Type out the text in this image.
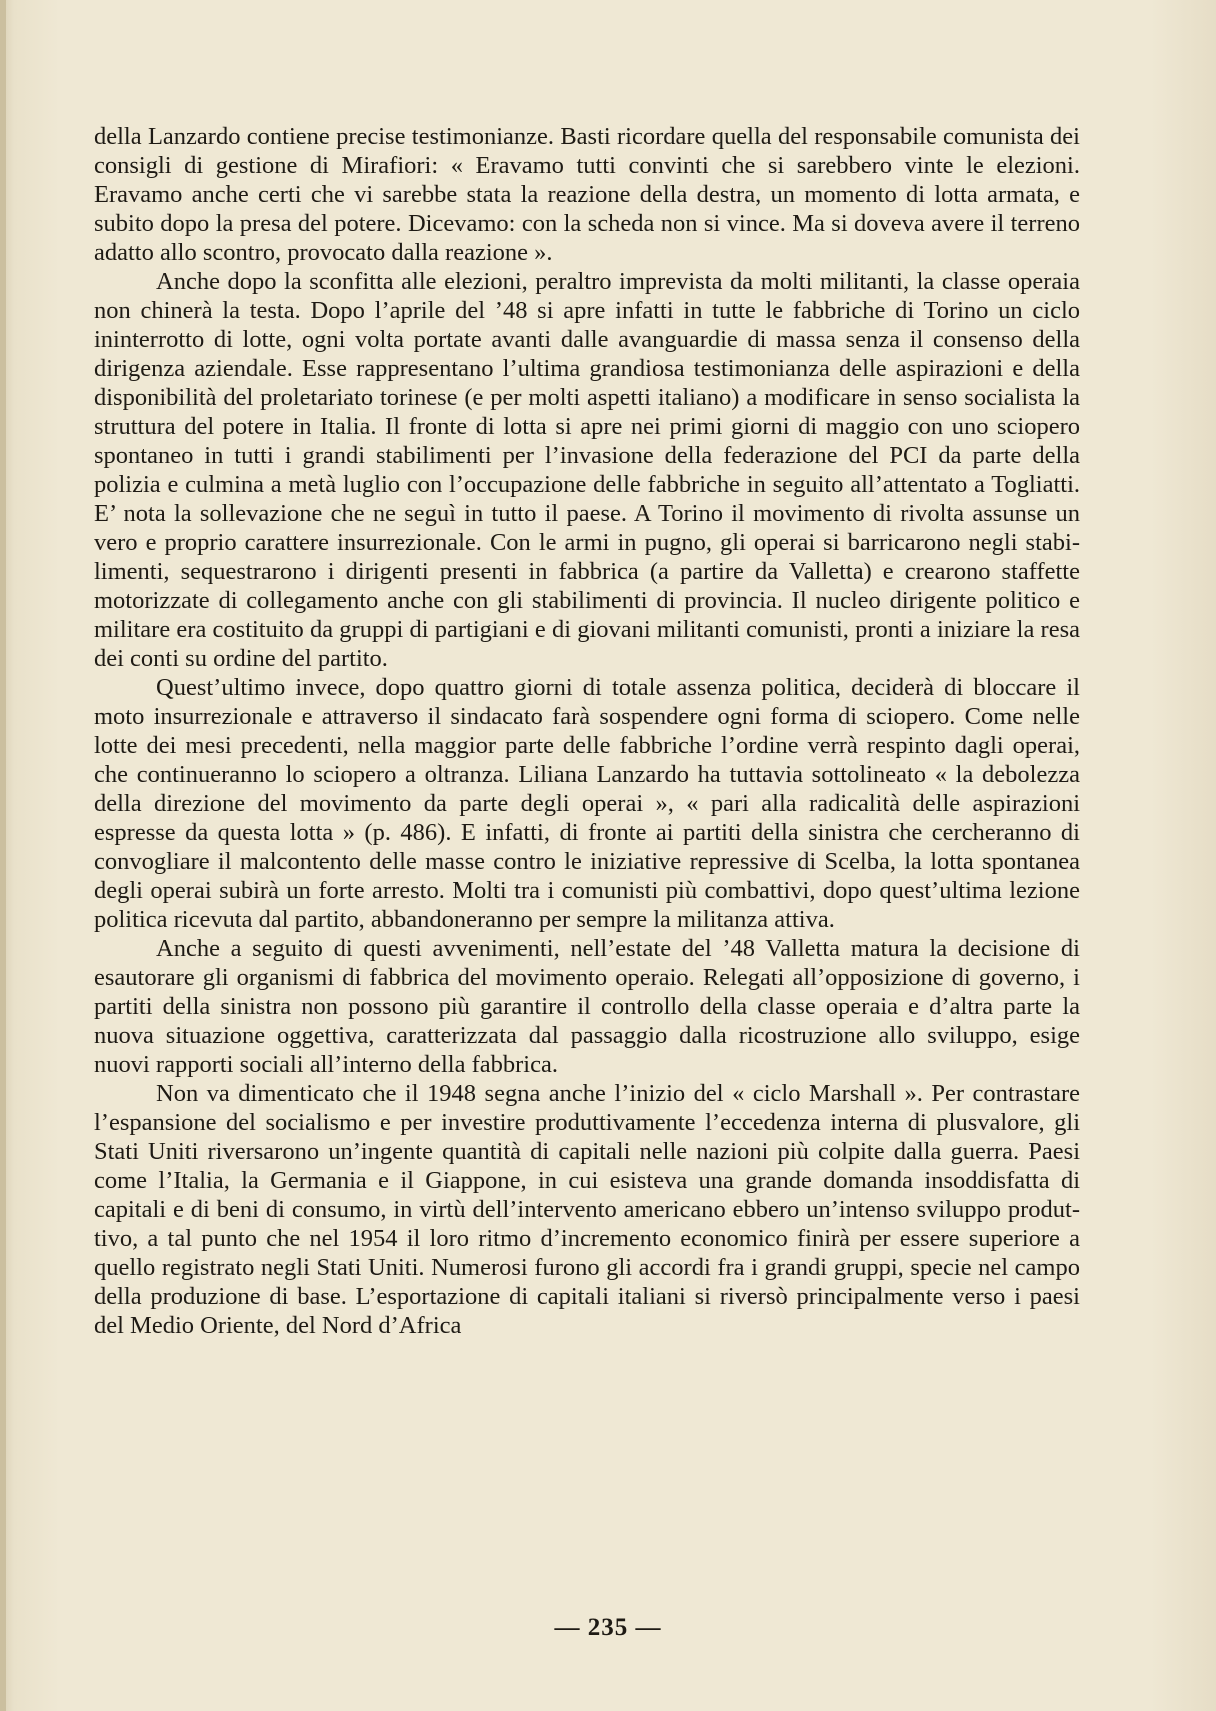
della Lanzardo contiene precise testimonianze. Basti ricordare quella del responsabile comunista dei consigli di gestione di Mirafiori: « Eravamo tutti convinti che si sarebbero vinte le elezioni. Eravamo anche certi che vi sarebbe stata la reazione della destra, un momento di lotta armata, e subito dopo la presa del potere. Dicevamo: con la scheda non si vince. Ma si doveva avere il terreno adatto allo scontro, provocato dalla reazione ».

Anche dopo la sconfitta alle elezioni, peraltro imprevista da molti militanti, la classe operaia non chinerà la testa. Dopo l’aprile del ’48 si apre infatti in tutte le fabbriche di Torino un ciclo ininterrotto di lotte, ogni volta portate avanti dalle avanguardie di massa senza il consenso della dirigenza aziendale. Esse rappresentano l’ultima grandiosa testimonianza delle aspirazioni e della disponibilità del proletariato torinese (e per molti aspetti italiano) a modificare in senso socialista la struttura del potere in Italia. Il fronte di lotta si apre nei primi giorni di maggio con uno sciopero spontaneo in tutti i grandi stabilimenti per l’invasione della federazione del PCI da parte della polizia e culmina a metà luglio con l’occupazione delle fabbriche in seguito all’attentato a Togliatti. E’ nota la sollevazione che ne seguì in tutto il paese. A Torino il movimento di rivolta assunse un vero e proprio carattere insurrezionale. Con le armi in pugno, gli operai si barricarono negli stabilimenti, sequestrarono i dirigenti presenti in fabbrica (a partire da Valletta) e crearono staffette motorizzate di collegamento anche con gli stabilimenti di provincia. Il nucleo dirigente politico e militare era costituito da gruppi di partigiani e di giovani militanti comunisti, pronti a iniziare la resa dei conti su ordine del partito.

Quest’ultimo invece, dopo quattro giorni di totale assenza politica, deciderà di bloccare il moto insurrezionale e attraverso il sindacato farà sospendere ogni forma di sciopero. Come nelle lotte dei mesi precedenti, nella maggior parte delle fabbriche l’ordine verrà respinto dagli operai, che continueranno lo sciopero a oltranza. Liliana Lanzardo ha tuttavia sottolineato « la debolezza della direzione del movimento da parte degli operai », « pari alla radicalità delle aspirazioni espresse da questa lotta » (p. 486). E infatti, di fronte ai partiti della sinistra che cercheranno di convogliare il malcontento delle masse contro le iniziative repressive di Scelba, la lotta spontanea degli operai subirà un forte arresto. Molti tra i comunisti più combattivi, dopo quest’ultima lezione politica ricevuta dal partito, abbandoneranno per sempre la militanza attiva.

Anche a seguito di questi avvenimenti, nell’estate del ’48 Valletta matura la decisione di esautorare gli organismi di fabbrica del movimento operaio. Relegati all’opposizione di governo, i partiti della sinistra non possono più garantire il controllo della classe operaia e d’altra parte la nuova situazione oggettiva, caratterizzata dal passaggio dalla ricostruzione allo sviluppo, esige nuovi rapporti sociali all’interno della fabbrica.

Non va dimenticato che il 1948 segna anche l’inizio del « ciclo Marshall ». Per contrastare l’espansione del socialismo e per investire produttivamente l’eccedenza interna di plusvalore, gli Stati Uniti riversarono un’ingente quantità di capitali nelle nazioni più colpite dalla guerra. Paesi come l’Italia, la Germania e il Giappone, in cui esisteva una grande domanda insoddisfatta di capitali e di beni di consumo, in virtù dell’intervento americano ebbero un’intenso sviluppo produttivo, a tal punto che nel 1954 il loro ritmo d’incremento economico finirà per essere superiore a quello registrato negli Stati Uniti. Numerosi furono gli accordi fra i grandi gruppi, specie nel campo della produzione di base. L’esportazione di capitali italiani si riversò principalmente verso i paesi del Medio Oriente, del Nord d’Africa

— 235 —
